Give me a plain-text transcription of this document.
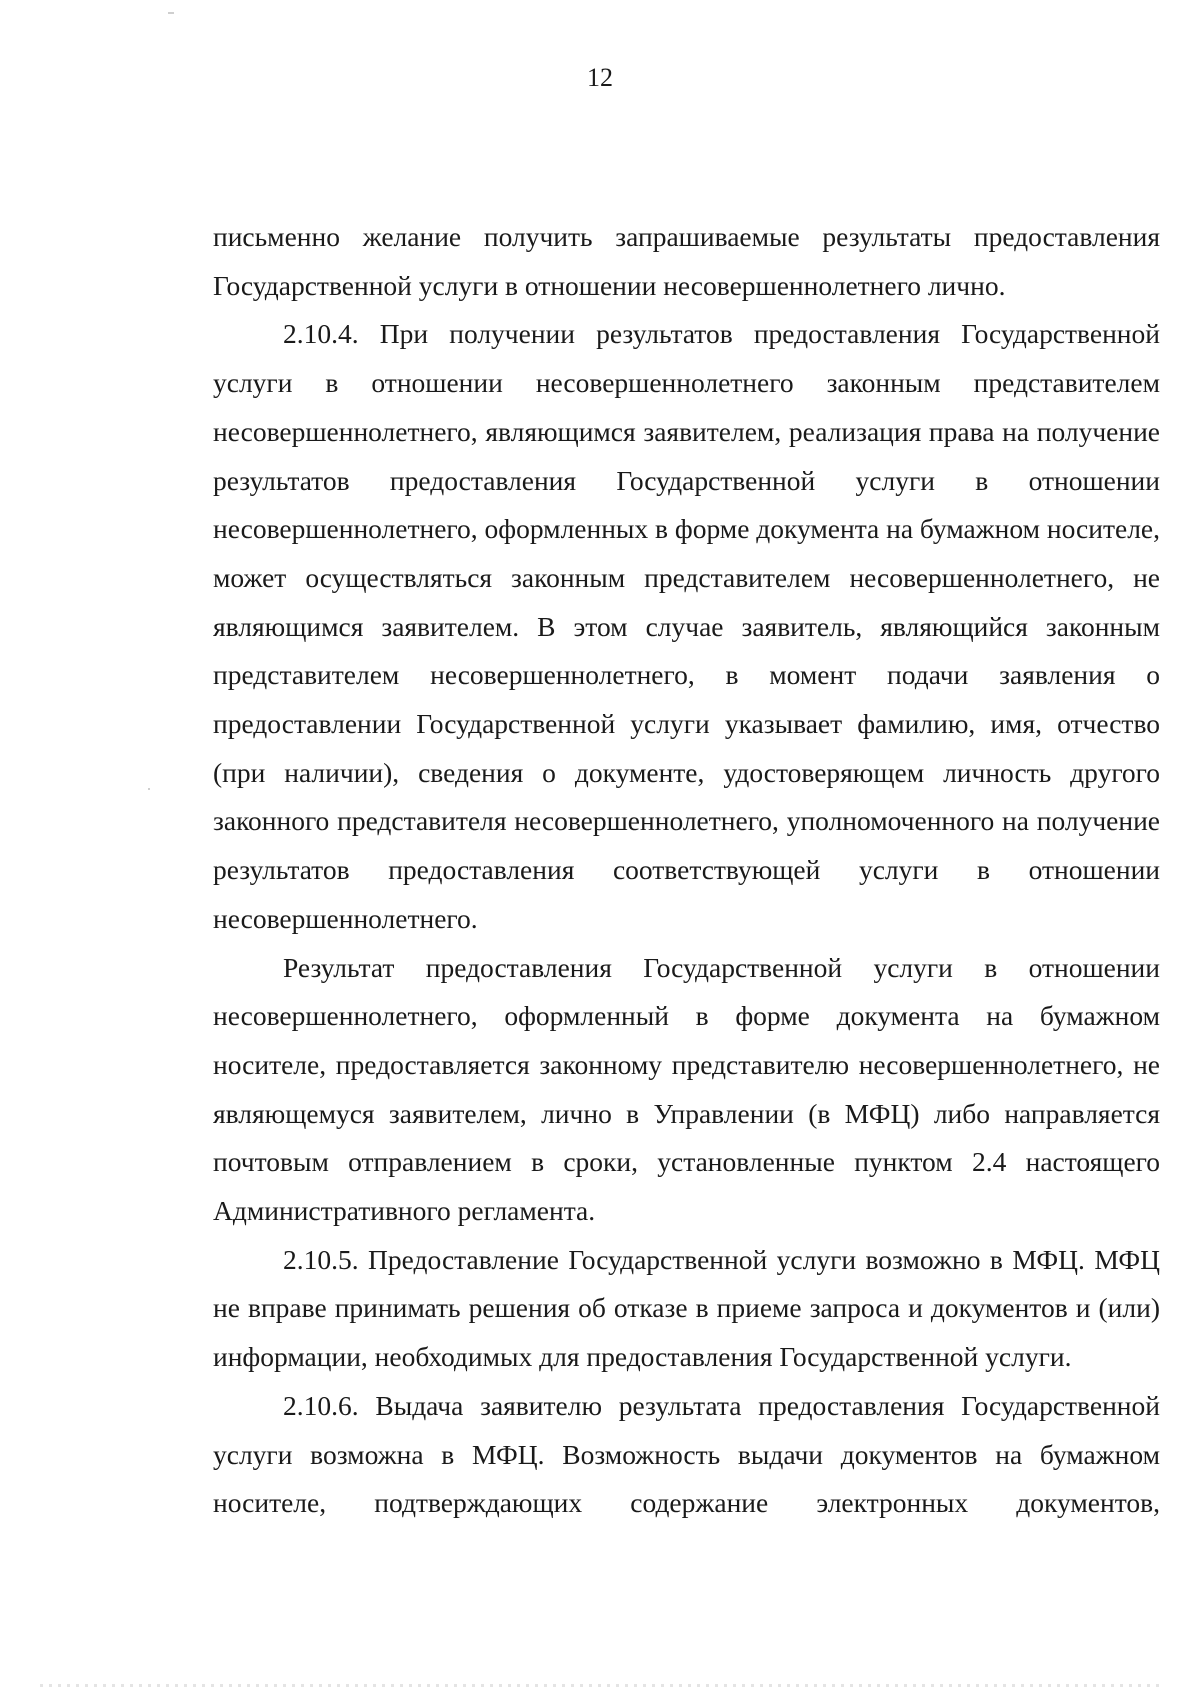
12

письменно желание получить запрашиваемые результаты предоставления Государственной услуги в отношении несовершеннолетнего лично.

2.10.4. При получении результатов предоставления Государственной услуги в отношении несовершеннолетнего законным представителем несовершеннолетнего, являющимся заявителем, реализация права на получение результатов предоставления Государственной услуги в отношении несовершеннолетнего, оформленных в форме документа на бумажном носителе, может осуществляться законным представителем несовершеннолетнего, не являющимся заявителем. В этом случае заявитель, являющийся законным представителем несовершеннолетнего, в момент подачи заявления о предоставлении Государственной услуги указывает фамилию, имя, отчество (при наличии), сведения о документе, удостоверяющем личность другого законного представителя несовершеннолетнего, уполномоченного на получение результатов предоставления соответствующей услуги в отношении несовершеннолетнего.

Результат предоставления Государственной услуги в отношении несовершеннолетнего, оформленный в форме документа на бумажном носителе, предоставляется законному представителю несовершеннолетнего, не являющемуся заявителем, лично в Управлении (в МФЦ) либо направляется почтовым отправлением в сроки, установленные пунктом 2.4 настоящего Административного регламента.

2.10.5. Предоставление Государственной услуги возможно в МФЦ. МФЦ не вправе принимать решения об отказе в приеме запроса и документов и (или) информации, необходимых для предоставления Государственной услуги.

2.10.6. Выдача заявителю результата предоставления Государственной услуги возможна в МФЦ. Возможность выдачи документов на бумажном носителе, подтверждающих содержание электронных документов,
